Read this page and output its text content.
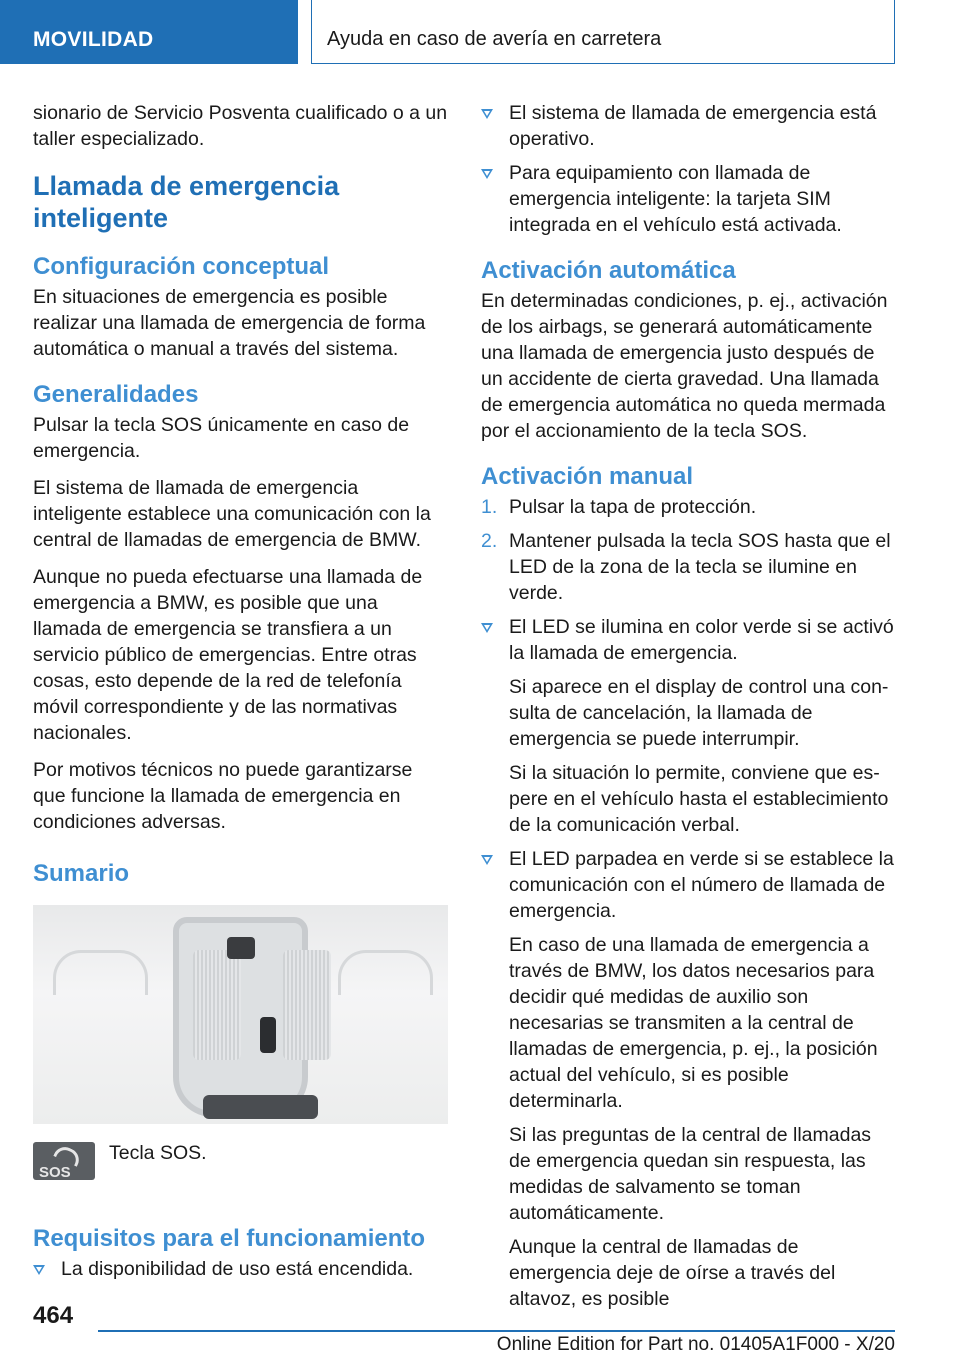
MOVILIDAD	Ayuda en caso de avería en carretera
sionario de Servicio Posventa cualificado o a un taller especializado.
Llamada de emergencia inteligente
Configuración conceptual
En situaciones de emergencia es posible realizar una llamada de emergencia de forma automática o manual a través del sistema.
Generalidades
Pulsar la tecla SOS únicamente en caso de emergencia.
El sistema de llamada de emergencia inteligente establece una comunicación con la central de llamadas de emergencia de BMW.
Aunque no pueda efectuarse una llamada de emergencia a BMW, es posible que una llamada de emergencia se transfiera a un servicio público de emergencias. Entre otras cosas, esto depende de la red de telefonía móvil correspondiente y de las normativas nacionales.
Por motivos técnicos no puede garantizarse que funcione la llamada de emergencia en condiciones adversas.
Sumario
SOS
Tecla SOS.
Requisitos para el funcionamiento
La disponibilidad de uso está encendida.
El sistema de llamada de emergencia está operativo.
Para equipamiento con llamada de emergencia inteligente: la tarjeta SIM integrada en el vehículo está activada.
Activación automática
En determinadas condiciones, p. ej., activación de los airbags, se generará automáticamente una llamada de emergencia justo después de un accidente de cierta gravedad. Una llamada de emergencia automática no queda mermada por el accionamiento de la tecla SOS.
Activación manual
1. Pulsar la tapa de protección.
2. Mantener pulsada la tecla SOS hasta que el LED de la zona de la tecla se ilumine en verde.
El LED se ilumina en color verde si se activó la llamada de emergencia.
Si aparece en el display de control una consulta de cancelación, la llamada de emergencia se puede interrumpir.
Si la situación lo permite, conviene que espere en el vehículo hasta el establecimiento de la comunicación verbal.
El LED parpadea en verde si se establece la comunicación con el número de llamada de emergencia.
En caso de una llamada de emergencia a través de BMW, los datos necesarios para decidir qué medidas de auxilio son necesarias se transmiten a la central de llamadas de emergencia, p. ej., la posición actual del vehículo, si es posible determinarla.
Si las preguntas de la central de llamadas de emergencia quedan sin respuesta, las medidas de salvamento se toman automáticamente.
Aunque la central de llamadas de emergencia deje de oírse a través del altavoz, es posible
464
Online Edition for Part no. 01405A1F000 - X/20
